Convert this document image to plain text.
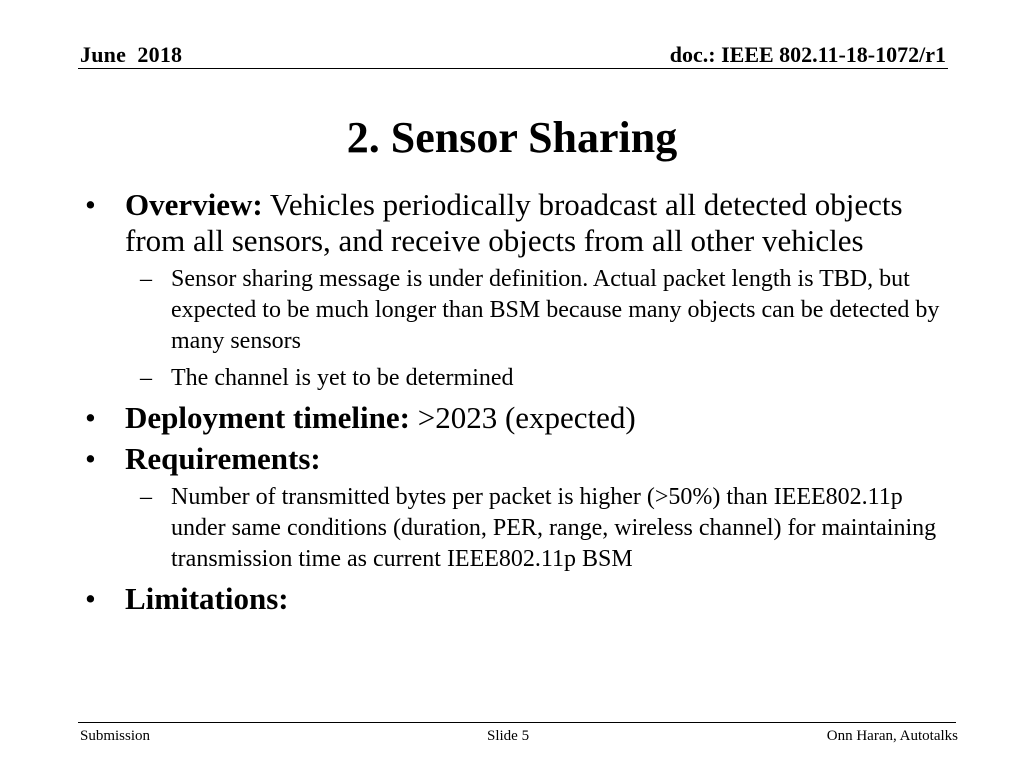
June  2018	doc.: IEEE 802.11-18-1072/r1
2. Sensor Sharing
• Overview: Vehicles periodically broadcast all detected objects from all sensors, and receive objects from all other vehicles
– Sensor sharing message is under definition. Actual packet length is TBD, but expected to be much longer than BSM because many objects can be detected by many sensors
– The channel is yet to be determined
• Deployment timeline: >2023 (expected)
• Requirements:
– Number of transmitted bytes per packet is higher (>50%) than IEEE802.11p under same conditions (duration, PER, range, wireless channel) for maintaining transmission time as current IEEE802.11p BSM
• Limitations:
Submission	Slide 5	Onn Haran, Autotalks
